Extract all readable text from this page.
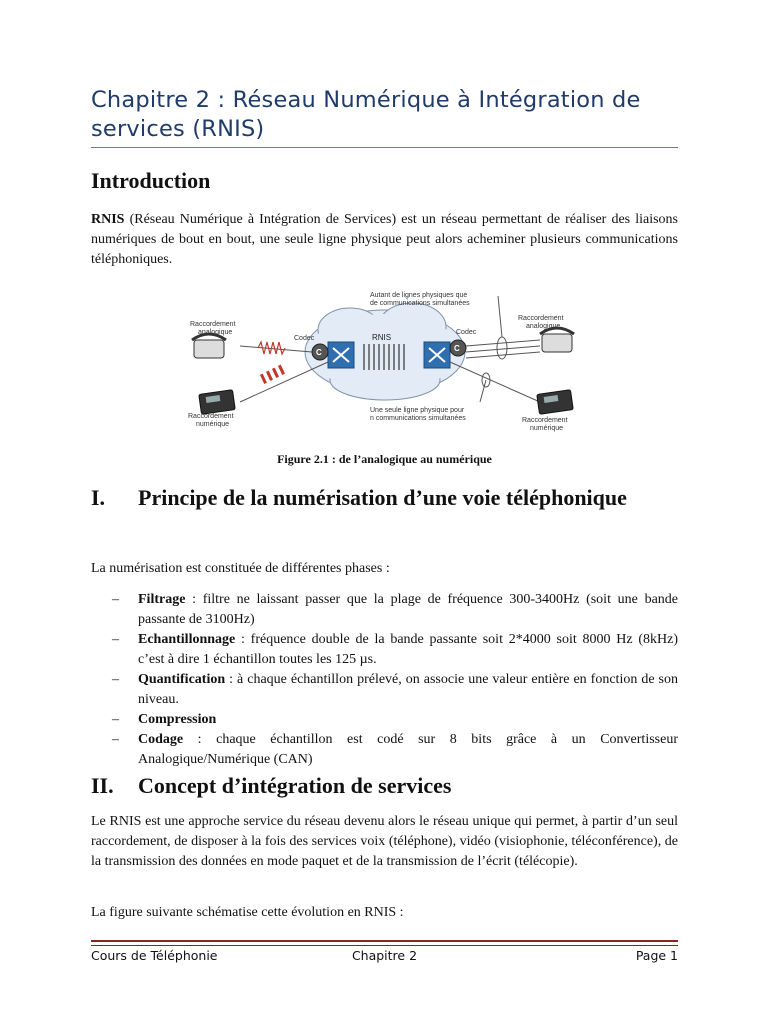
Chapitre 2 : Réseau Numérique à Intégration de services (RNIS)
Introduction
RNIS (Réseau Numérique à Intégration de Services) est un réseau permettant de réaliser des liaisons numériques de bout en bout, une seule ligne physique peut alors acheminer plusieurs communications téléphoniques.
RNIS
C	C
Autant de lignes physiques que de communications simultanées
Raccordement analogique
Codec
Codec
Raccordement analogique
Raccordement numérique
Une seule ligne physique pour n communications simultanées	Raccordement numérique
Figure 2.1 : de l’analogique au numérique
I. Principe de la numérisation d’une voie téléphonique
La numérisation est constituée de différentes phases :
– Filtrage : filtre ne laissant passer que la plage de fréquence 300-3400Hz (soit une bande passante de 3100Hz)
– Echantillonnage : fréquence double de la bande passante soit 2*4000 soit 8000 Hz (8kHz) c’est à dire 1 échantillon toutes les 125 µs.
– Quantification : à chaque échantillon prélevé, on associe une valeur entière en fonction de son niveau.
– Compression
– Codage : chaque échantillon est codé sur 8 bits grâce à un Convertisseur Analogique/Numérique (CAN)
II. Concept d’intégration de services
Le RNIS est une approche service du réseau devenu alors le réseau unique qui permet, à partir d’un seul raccordement, de disposer à la fois des services voix (téléphone), vidéo (visiophonie, téléconférence), de la transmission des données en mode paquet et de la transmission de l’écrit (télécopie).
La figure suivante schématise cette évolution en RNIS :
Cours de Téléphonie	Chapitre 2	Page 1
